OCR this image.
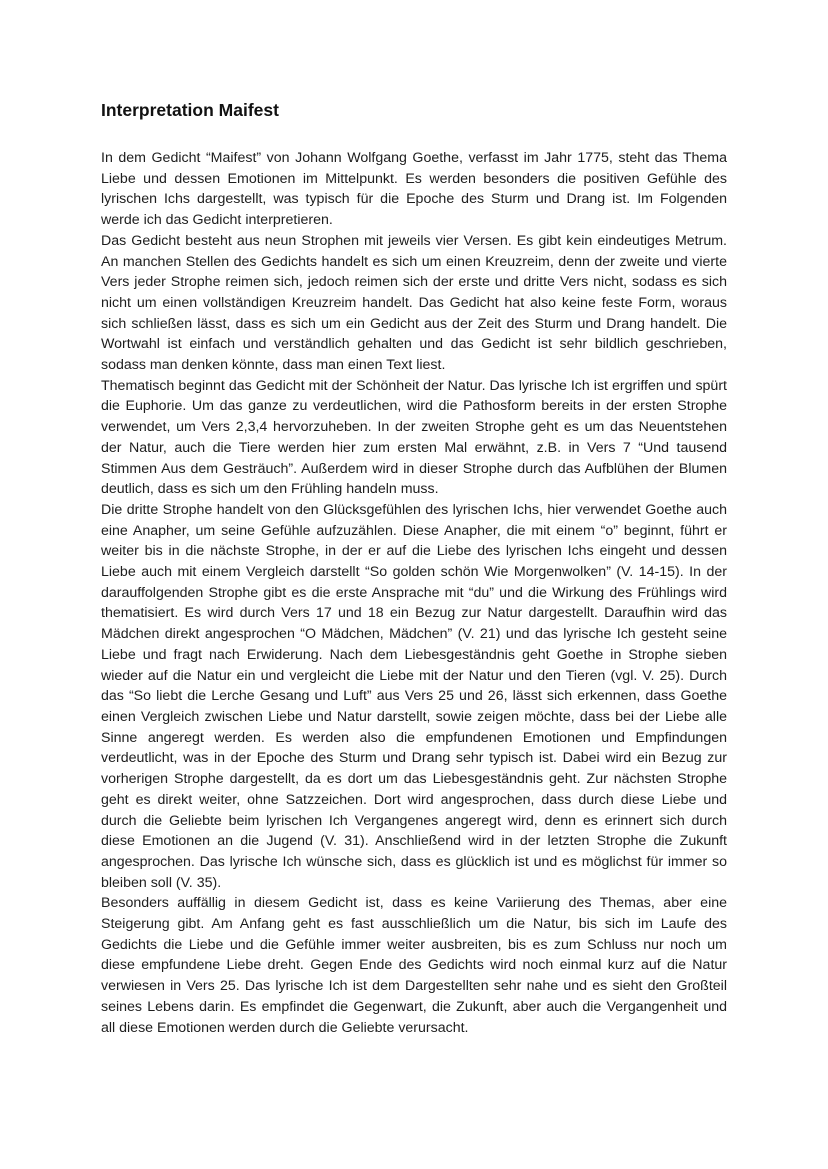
Interpretation Maifest

In dem Gedicht “Maifest” von Johann Wolfgang Goethe, verfasst im Jahr 1775, steht das Thema Liebe und dessen Emotionen im Mittelpunkt. Es werden besonders die positiven Gefühle des lyrischen Ichs dargestellt, was typisch für die Epoche des Sturm und Drang ist. Im Folgenden werde ich das Gedicht interpretieren.

Das Gedicht besteht aus neun Strophen mit jeweils vier Versen. Es gibt kein eindeutiges Metrum. An manchen Stellen des Gedichts handelt es sich um einen Kreuzreim, denn der zweite und vierte Vers jeder Strophe reimen sich, jedoch reimen sich der erste und dritte Vers nicht, sodass es sich nicht um einen vollständigen Kreuzreim handelt. Das Gedicht hat also keine feste Form, woraus sich schließen lässt, dass es sich um ein Gedicht aus der Zeit des Sturm und Drang handelt. Die Wortwahl ist einfach und verständlich gehalten und das Gedicht ist sehr bildlich geschrieben, sodass man denken könnte, dass man einen Text liest.

Thematisch beginnt das Gedicht mit der Schönheit der Natur. Das lyrische Ich ist ergriffen und spürt die Euphorie. Um das ganze zu verdeutlichen, wird die Pathosform bereits in der ersten Strophe verwendet, um Vers 2,3,4 hervorzuheben. In der zweiten Strophe geht es um das Neuentstehen der Natur, auch die Tiere werden hier zum ersten Mal erwähnt, z.B. in Vers 7 “Und tausend Stimmen Aus dem Gesträuch”. Außerdem wird in dieser Strophe durch das Aufblühen der Blumen deutlich, dass es sich um den Frühling handeln muss.

Die dritte Strophe handelt von den Glücksgefühlen des lyrischen Ichs, hier verwendet Goethe auch eine Anapher, um seine Gefühle aufzuzählen. Diese Anapher, die mit einem “o” beginnt, führt er weiter bis in die nächste Strophe, in der er auf die Liebe des lyrischen Ichs eingeht und dessen Liebe auch mit einem Vergleich darstellt “So golden schön Wie Morgenwolken” (V. 14-15). In der darauffolgenden Strophe gibt es die erste Ansprache mit “du” und die Wirkung des Frühlings wird thematisiert. Es wird durch Vers 17 und 18 ein Bezug zur Natur dargestellt. Daraufhin wird das Mädchen direkt angesprochen “O Mädchen, Mädchen” (V. 21) und das lyrische Ich gesteht seine Liebe und fragt nach Erwiderung. Nach dem Liebesgeständnis geht Goethe in Strophe sieben wieder auf die Natur ein und vergleicht die Liebe mit der Natur und den Tieren (vgl. V. 25). Durch das “So liebt die Lerche Gesang und Luft” aus Vers 25 und 26, lässt sich erkennen, dass Goethe einen Vergleich zwischen Liebe und Natur darstellt, sowie zeigen möchte, dass bei der Liebe alle Sinne angeregt werden. Es werden also die empfundenen Emotionen und Empfindungen verdeutlicht, was in der Epoche des Sturm und Drang sehr typisch ist. Dabei wird ein Bezug zur vorherigen Strophe dargestellt, da es dort um das Liebesgeständnis geht. Zur nächsten Strophe geht es direkt weiter, ohne Satzzeichen. Dort wird angesprochen, dass durch diese Liebe und durch die Geliebte beim lyrischen Ich Vergangenes angeregt wird, denn es erinnert sich durch diese Emotionen an die Jugend (V. 31). Anschließend wird in der letzten Strophe die Zukunft angesprochen. Das lyrische Ich wünsche sich, dass es glücklich ist und es möglichst für immer so bleiben soll (V. 35).

Besonders auffällig in diesem Gedicht ist, dass es keine Variierung des Themas, aber eine Steigerung gibt. Am Anfang geht es fast ausschließlich um die Natur, bis sich im Laufe des Gedichts die Liebe und die Gefühle immer weiter ausbreiten, bis es zum Schluss nur noch um diese empfundene Liebe dreht. Gegen Ende des Gedichts wird noch einmal kurz auf die Natur verwiesen in Vers 25. Das lyrische Ich ist dem Dargestellten sehr nahe und es sieht den Großteil seines Lebens darin. Es empfindet die Gegenwart, die Zukunft, aber auch die Vergangenheit und all diese Emotionen werden durch die Geliebte verursacht.
